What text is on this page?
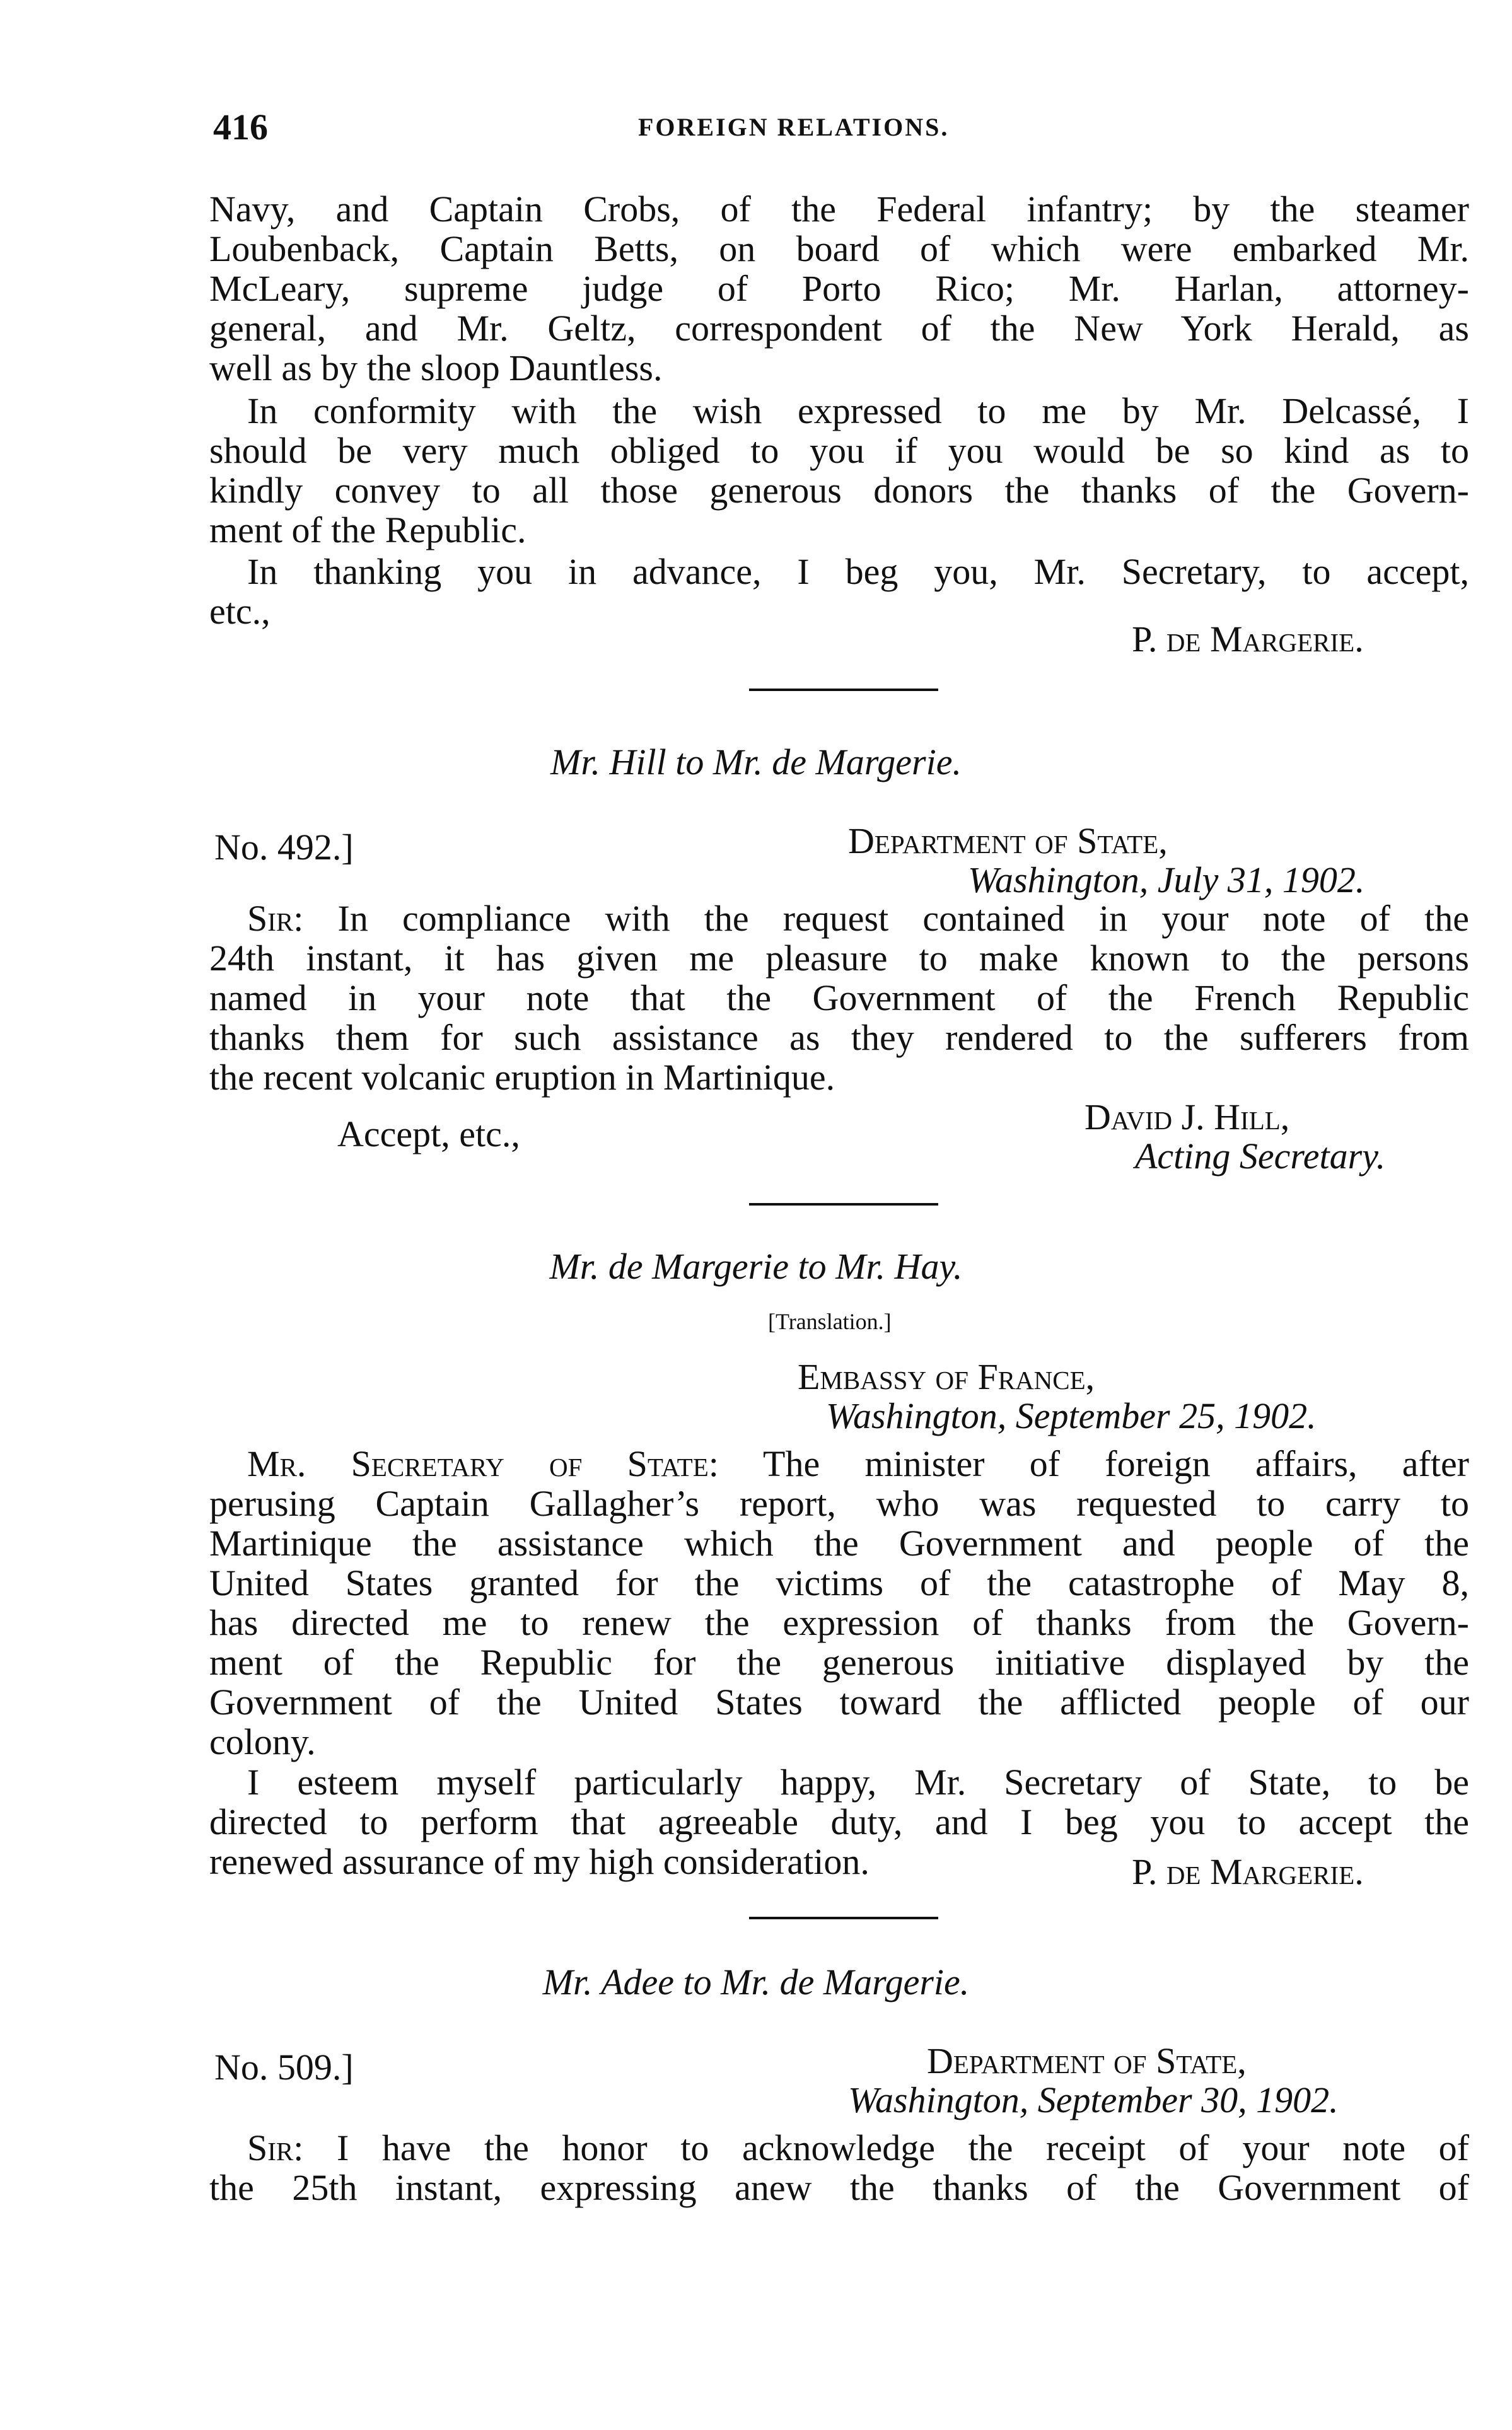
416	FOREIGN RELATIONS.
Navy, and Captain Crobs, of the Federal infantry; by the steamer
Loubenback, Captain Betts, on board of which were embarked Mr.
McLeary, supreme judge of Porto Rico; Mr. Harlan, attorney-
general, and Mr. Geltz, correspondent of the New York Herald, as
well as by the sloop Dauntless.
In conformity with the wish expressed to me by Mr. Delcassé, I
should be very much obliged to you if you would be so kind as to
kindly convey to all those generous donors the thanks of the Govern-
ment of the Republic.
In thanking you in advance, I beg you, Mr. Secretary, to accept,
etc.,
P. de Margerie.
Mr. Hill to Mr. de Margerie.
No. 492.]	Department of State,
Washington, July 31, 1902.
Sir: In compliance with the request contained in your note of the
24th instant, it has given me pleasure to make known to the persons
named in your note that the Government of the French Republic
thanks them for such assistance as they rendered to the sufferers from
the recent volcanic eruption in Martinique.
Accept, etc.,	David J. Hill,
Acting Secretary.
Mr. de Margerie to Mr. Hay.
[Translation.]
Embassy of France,
Washington, September 25, 1902.
Mr. Secretary of State: The minister of foreign affairs, after
perusing Captain Gallagher’s report, who was requested to carry to
Martinique the assistance which the Government and people of the
United States granted for the victims of the catastrophe of May 8,
has directed me to renew the expression of thanks from the Govern-
ment of the Republic for the generous initiative displayed by the
Government of the United States toward the afflicted people of our
colony.
I esteem myself particularly happy, Mr. Secretary of State, to be
directed to perform that agreeable duty, and I beg you to accept the
renewed assurance of my high consideration.	P. de Margerie.
Mr. Adee to Mr. de Margerie.
No. 509.]	Department of State,
Washington, September 30, 1902.
Sir: I have the honor to acknowledge the receipt of your note of
the 25th instant, expressing anew the thanks of the Government of
